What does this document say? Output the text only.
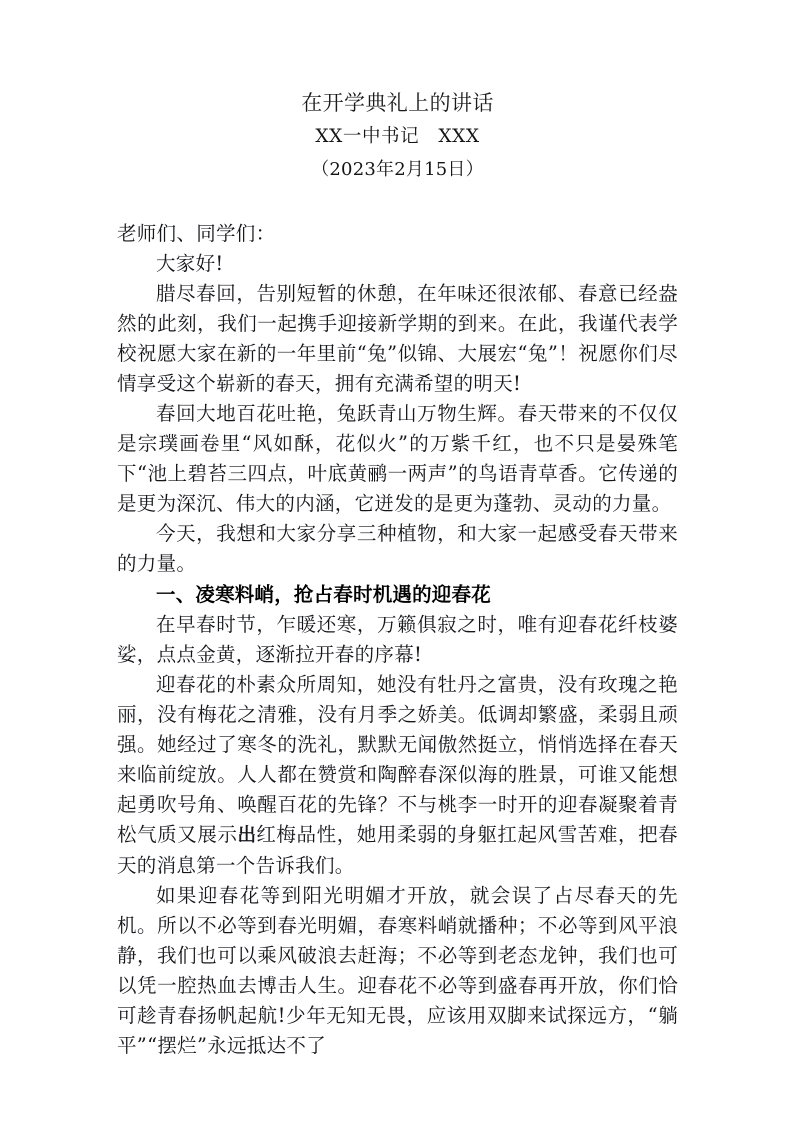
在开学典礼上的讲话
XX一中书记　XXX
（2023年2月15日）
老师们、同学们：

大家好!

腊尽春回，告别短暂的休憩，在年味还很浓郁、春意已经盎然的此刻，我们一起携手迎接新学期的到来。在此，我谨代表学校祝愿大家在新的一年里前“兔”似锦、大展宏“兔”！祝愿你们尽情享受这个崭新的春天，拥有充满希望的明天!

春回大地百花吐艳，兔跃青山万物生辉。春天带来的不仅仅是宗璞画卷里“风如酥，花似火”的万紫千红，也不只是晏殊笔下“池上碧苔三四点，叶底黄鹂一两声”的鸟语青草香。它传递的是更为深沉、伟大的内涵，它迸发的是更为蓬勃、灵动的力量。

今天，我想和大家分享三种植物，和大家一起感受春天带来的力量。

一、凌寒料峭，抢占春时机遇的迎春花

在早春时节，乍暖还寒，万籁俱寂之时，唯有迎春花纤枝婆娑，点点金黄，逐渐拉开春的序幕!

迎春花的朴素众所周知，她没有牡丹之富贵，没有玫瑰之艳丽，没有梅花之清雅，没有月季之娇美。低调却繁盛，柔弱且顽强。她经过了寒冬的洗礼，默默无闻傲然挺立，悄悄选择在春天来临前绽放。人人都在赞赏和陶醉春深似海的胜景，可谁又能想起勇吹号角、唤醒百花的先锋？不与桃李一时开的迎春凝聚着青松气质又展示出红梅品性，她用柔弱的身躯扛起风雪苦难，把春天的消息第一个告诉我们。

如果迎春花等到阳光明媚才开放，就会误了占尽春天的先机。所以不必等到春光明媚，春寒料峭就播种；不必等到风平浪静，我们也可以乘风破浪去赶海；不必等到老态龙钟，我们也可以凭一腔热血去博击人生。迎春花不必等到盛春再开放，你们恰可趁青春扬帆起航!少年无知无畏，应该用双脚来试探远方，“躺平”“摆烂”永远抵达不了
